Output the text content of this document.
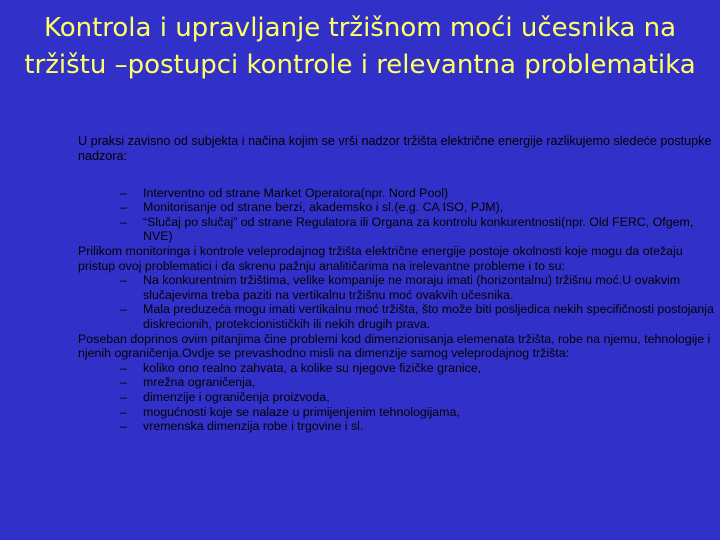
Kontrola i upravljanje tržišnom moći učesnika na tržištu –postupci kontrole i relevantna problematika

U praksi zavisno od subjekta i načina kojim se vrši nadzor tržišta električne energije razlikujemo sledeće postupke nadzora:

– Interventno od strane Market Operatora(npr. Nord Pool)

– Monitorisanje od strane berzi, akademsko i sl.(e.g. CA ISO, PJM),

– “Slučaj po slučaj” od strane Regulatora ili Organa za kontrolu konkurentnosti(npr. Old FERC, Ofgem, NVE)

Prilikom monitoringa i kontrole veleprodajnog tržišta električne energije postoje okolnosti koje mogu da otežaju pristup ovoj problematici i da skrenu pažnju analitičarima na irelevantne probleme i to su:

– Na konkurentnim tržištima, velike kompanije ne moraju imati (horizontalnu) tržišnu moć.U ovakvim slučajevima treba paziti na vertikalnu tržišnu moć ovakvih učesnika.

– Mala preduzeća mogu imati vertikalnu moć tržišta, što može biti posljedica nekih specifičnosti postojanja diskrecionih, protekcionističkih ili nekih drugih prava.

Poseban doprinos ovim pitanjima čine problemi kod dimenzionisanja elemenata tržišta, robe na njemu, tehnologije i njenih ograničenja.Ovdje se prevashodno misli na dimenzije samog veleprodajnog tržišta:

– koliko ono realno zahvata, a kolike su njegove fizičke granice,

– mrežna ograničenja,

– dimenzije i ograničenja proizvoda,

– mogućnosti koje se nalaze u primijenjenim tehnologijama,

– vremenska dimenzija robe i trgovine i sl.
